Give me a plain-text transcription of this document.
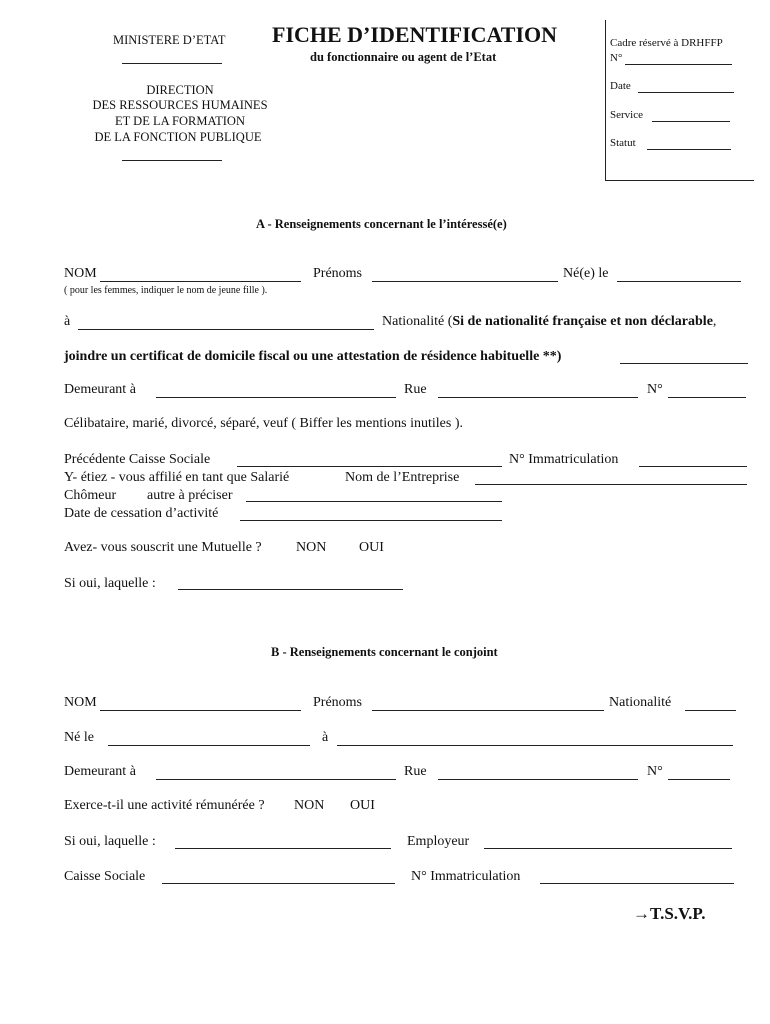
MINISTERE D’ETAT
DIRECTION
DES RESSOURCES HUMAINES
ET DE LA FORMATION
DE LA FONCTION PUBLIQUE
FICHE D’IDENTIFICATION
du fonctionnaire ou agent de l’Etat
Cadre réservé à DRHFFP
N°
Date
Service
Statut
A - Renseignements concernant le l’intéressé(e)
NOM	Prénoms	Né(e) le
( pour les femmes, indiquer le nom de jeune fille ).
à	Nationalité (Si de nationalité française et non déclarable,
joindre un certificat de domicile fiscal ou une attestation de résidence habituelle **)
Demeurant à	Rue	N°
Célibataire, marié, divorcé, séparé, veuf ( Biffer les mentions inutiles ).
Précédente Caisse Sociale	N° Immatriculation
Y- étiez - vous affilié en tant que Salarié	Nom de l’Entreprise
Chômeur autre à préciser
Date de cessation d’activité
Avez- vous souscrit une Mutuelle ? NON OUI
Si oui, laquelle :
B - Renseignements concernant le conjoint
NOM	Prénoms	Nationalité
Né le	à
Demeurant à	Rue	N°
Exerce-t-il une activité rémunérée ? NON OUI
Si oui, laquelle :	Employeur
Caisse Sociale	N° Immatriculation
→T.S.V.P.
